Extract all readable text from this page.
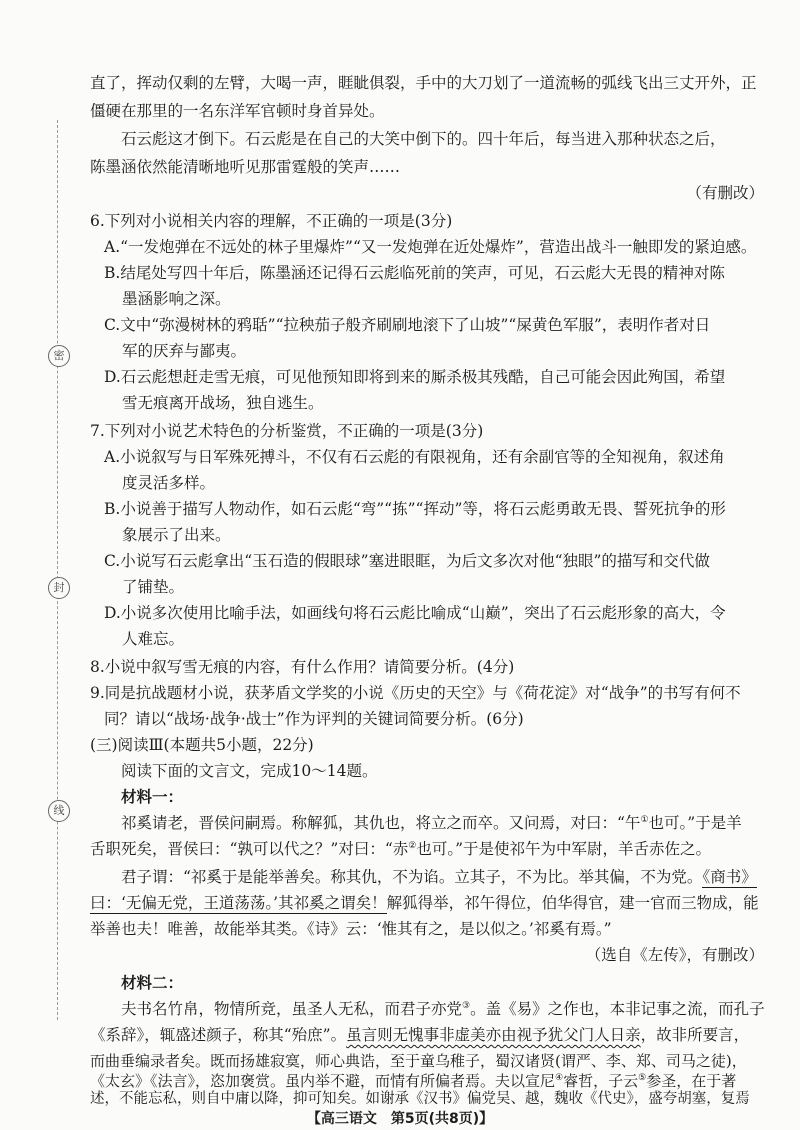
密
封
线
直了，挥动仅剩的左臂，大喝一声，睚眦俱裂，手中的大刀划了一道流畅的弧线飞出三丈开外，正
僵硬在那里的一名东洋军官顿时身首异处。
石云彪这才倒下。石云彪是在自己的大笑中倒下的。四十年后，每当进入那种状态之后，
陈墨涵依然能清晰地听见那雷霆般的笑声……
（有删改）
6.下列对小说相关内容的理解，不正确的一项是(3分)
A.“一发炮弹在不远处的林子里爆炸”“又一发炮弹在近处爆炸”，营造出战斗一触即发的紧迫感。
B.结尾处写四十年后，陈墨涵还记得石云彪临死前的笑声，可见，石云彪大无畏的精神对陈
墨涵影响之深。
C.文中“弥漫树林的鸦聒”“拉秧茄子般齐刷刷地滚下了山坡”“屎黄色军服”，表明作者对日
军的厌弃与鄙夷。
D.石云彪想赶走雪无痕，可见他预知即将到来的厮杀极其残酷，自己可能会因此殉国，希望
雪无痕离开战场，独自逃生。
7.下列对小说艺术特色的分析鉴赏，不正确的一项是(3分)
A.小说叙写与日军殊死搏斗，不仅有石云彪的有限视角，还有余副官等的全知视角，叙述角
度灵活多样。
B.小说善于描写人物动作，如石云彪“弯”“拣”“挥动”等，将石云彪勇敢无畏、誓死抗争的形
象展示了出来。
C.小说写石云彪拿出“玉石造的假眼球”塞进眼眶，为后文多次对他“独眼”的描写和交代做
了铺垫。
D.小说多次使用比喻手法，如画线句将石云彪比喻成“山巅”，突出了石云彪形象的高大，令
人难忘。
8.小说中叙写雪无痕的内容，有什么作用？请简要分析。(4分)
9.同是抗战题材小说，获茅盾文学奖的小说《历史的天空》与《荷花淀》对“战争”的书写有何不
同？请以“战场·战争·战士”作为评判的关键词简要分析。(6分)
(三)阅读Ⅲ(本题共5小题，22分)
阅读下面的文言文，完成10～14题。
材料一：
祁奚请老，晋侯问嗣焉。称解狐，其仇也，将立之而卒。又问焉，对曰：“午①也可。”于是羊
舌职死矣，晋侯曰：“孰可以代之？”对曰：“赤②也可。”于是使祁午为中军尉，羊舌赤佐之。
君子谓：“祁奚于是能举善矣。称其仇，不为谄。立其子，不为比。举其偏，不为党。《商书》
曰：‘无偏无党，王道荡荡。’其祁奚之谓矣！解狐得举，祁午得位，伯华得官，建一官而三物成，能
举善也夫！唯善，故能举其类。《诗》云：‘惟其有之，是以似之。’祁奚有焉。”
（选自《左传》，有删改）
材料二：
夫书名竹帛，物情所竞，虽圣人无私，而君子亦党③。盖《易》之作也，本非记事之流，而孔子
《系辞》，辄盛述颜子，称其“殆庶”。虽言则无愧事非虚美亦由视予犹父门人日亲，故非所要言，
而曲垂编录者矣。既而扬雄寂寞，师心典诰，至于童乌稚子，蜀汉诸贤(谓严、李、郑、司马之徒)，
《太玄》《法言》，恣加褒赏。虽内举不避，而情有所偏者焉。夫以宣尼④睿哲，子云⑤参圣，在于著
【高三语文　第5页(共8页)】
述，不能忘私，则自中庸以降，抑可知矣。如谢承《汉书》偏党吴、越，魏收《代史》，盛夸胡塞，复焉
